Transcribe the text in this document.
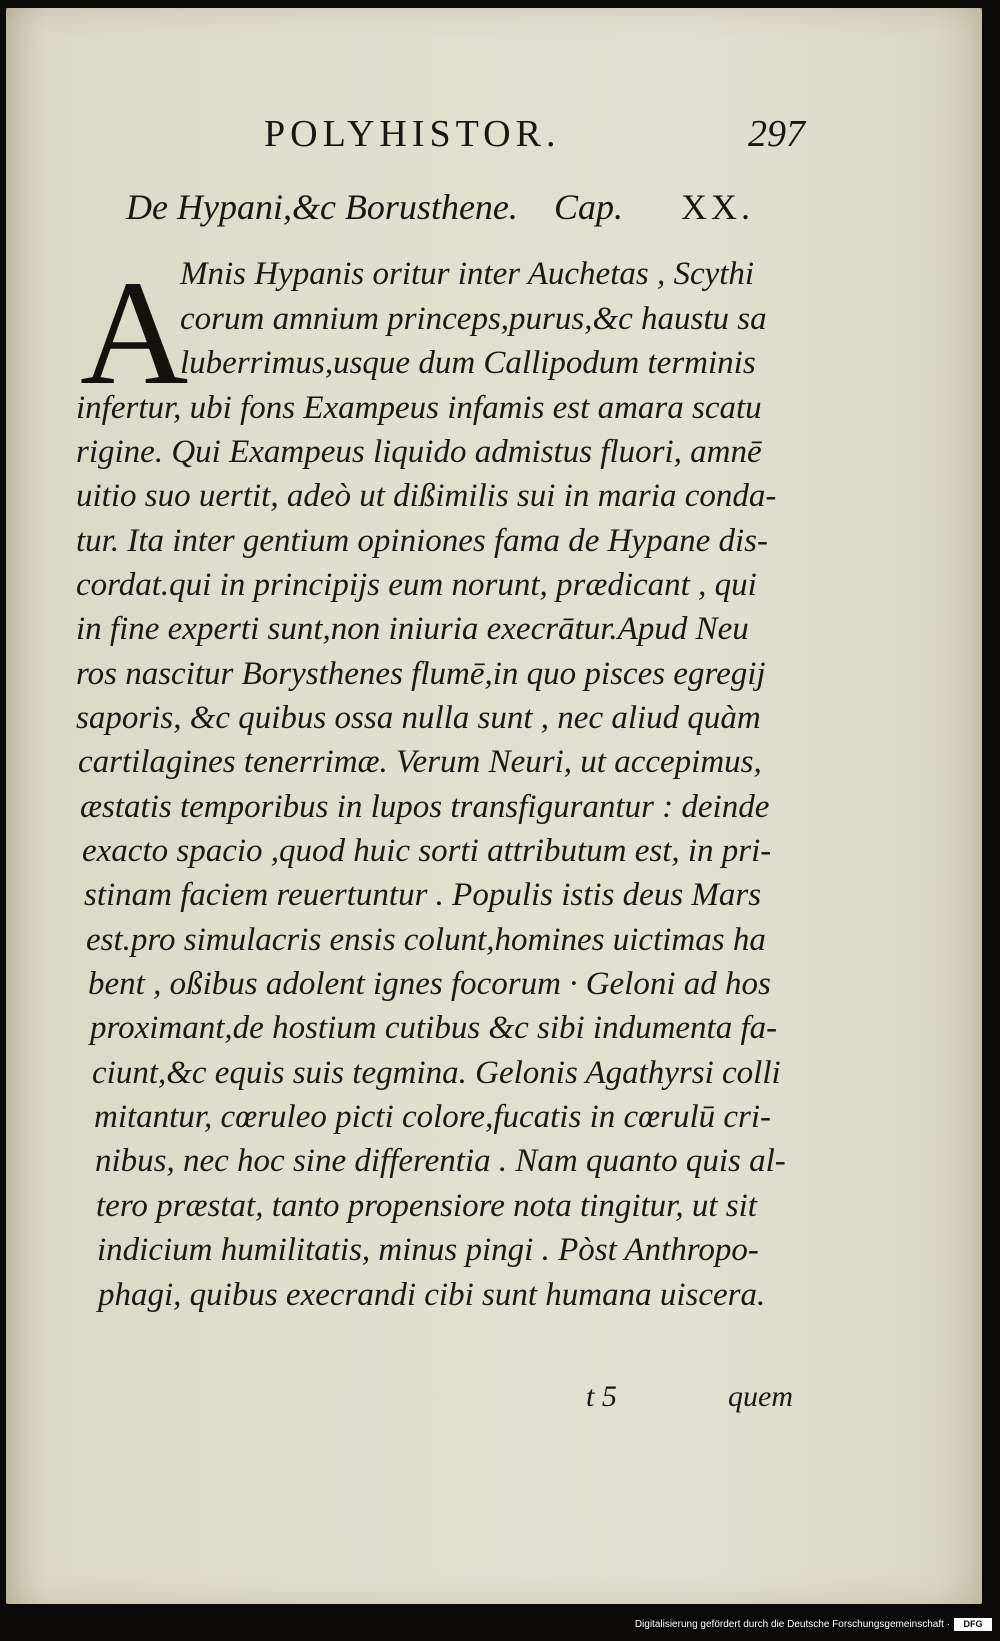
POLYHISTOR.	297
De Hypani,&c Borusthene. Cap. XX.
A

Mnis Hypanis oritur inter Auchetas , Scythi

corum amnium princeps,purus,&c haustu sa

luberrimus,usque dum Callipodum terminis

infertur, ubi fons Exampeus infamis est amara scatu

rigine. Qui Exampeus liquido admistus fluori, amnē

uitio suo uertit, adeò ut dißimilis sui in maria conda-

tur. Ita inter gentium opiniones fama de Hypane dis-

cordat.qui in principijs eum norunt, prædicant , qui

in fine experti sunt,non iniuria execrātur.Apud Neu

ros nascitur Borysthenes flumē,in quo pisces egregij

saporis, &c quibus ossa nulla sunt , nec aliud quàm

cartilagines tenerrimæ. Verum Neuri, ut accepimus,

æstatis temporibus in lupos transfigurantur : deinde

exacto spacio ,quod huic sorti attributum est, in pri-

stinam faciem reuertuntur . Populis istis deus Mars

est.pro simulacris ensis colunt,homines uictimas ha

bent , oßibus adolent ignes focorum · Geloni ad hos

proximant,de hostium cutibus &c sibi indumenta fa-

ciunt,&c equis suis tegmina. Gelonis Agathyrsi colli

mitantur, cœruleo picti colore,fucatis in cœrulū cri-

nibus, nec hoc sine differentia . Nam quanto quis al-

tero præstat, tanto propensiore nota tingitur, ut sit

indicium humilitatis, minus pingi . Pòst Anthropo-

phagi, quibus execrandi cibi sunt humana uiscera.

t 5	quem

Digitalisierung gefördert durch die Deutsche Forschungsgemeinschaft ·	DFG
